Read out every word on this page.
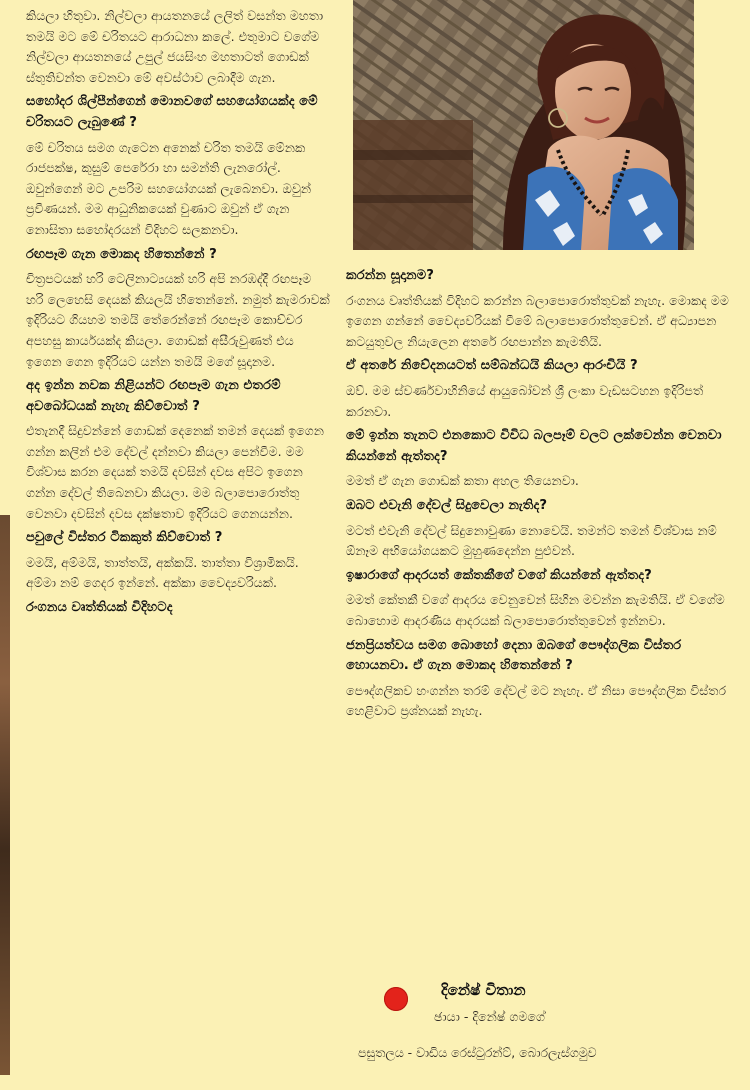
කියලා හිතුවා. නිල්වලා ආයතනයේ ලලිත් වසන්ත මහතා තමයි මට මේ චරිතයට ආරාධනා කලේ. එතුමාට වගේම නිල්වලා ආයතනයේ උපුල් ජයසිංහ මහතාටත් ගොඩක් ස්තුතිවන්ත වෙනවා මේ අවස්ථාව ලබාදීම ගැන.

සහෝදර ශිල්පීන්ගෙන් මොනවගේ සහයෝගයක්ද මේ චරිතයට ලැබුණේ ?

මේ චරිතය සමග ගැටෙන අනෙක් චරිත තමයි මේනක රාජපක්ෂ, කුසුම් පෙරේරා හා සමන්ති ලැනරෝල්. ඔවුන්ගෙන් මට උපරිම සහයෝගයක් ලැබෙනවා. ඔවුන් ප්‍රවීණයන්. මම ආධුනිකයෙක් වුණාට ඔවුන් ඒ ගැන නොසිතා සහෝදරයන් විදිහට සලකනවා.

රඟපෑම ගැන මොකද හිතෙන්නේ ?

චිත්‍රපටයක් හරි ටෙලිනාට්‍යයක් හරි අපි නරඹද්දී රඟපෑම හරි ලෙහෙසි දෙයක් කියලයි හිතෙන්නේ. නමුත් කැමරාවක් ඉදිරියට ගියහම තමයි තේරෙන්නේ රඟපෑම කොච්චර අපහසු කාර්යයක්ද කියලා. ගොඩක් අසීරුවුණත් එය ඉගෙන ගෙන ඉදිරියට යන්න තමයි මගේ සූදානම.

අද ඉන්න නවක නිළියන්ට රඟපෑම ගැන එතරම් අවබෝධයක් නැහැ කිව්වොත් ?

එතැනදී සිදුවන්නේ ගොඩක් දෙනෙක් තමන් දෙයක් ඉගෙන ගන්න කලින් එම දේවල් දන්නවා කියලා පෙන්වීම. මම විශ්වාස කරන දෙයක් තමයි දවසින් දවස අපිට ඉගෙන ගන්න දේවල් තිබෙනවා කියලා. මම බලාපොරොත්තු වෙනවා දවසින් දවස දක්ෂතාව ඉදිරියට ගෙනයන්න.

පවුලේ විස්තර ටිකකුත් කිව්වොත් ?

මමයි, අම්මයි, තාත්තයි, අක්කයි. තාත්තා විශ්‍රාමිකයි. අම්මා නම් ගෙදර ඉන්නේ. අක්කා වෛද්‍යවරියක්.

රංගනය වෘත්තියක් විදිහටද

කරන්න සූදානම?

රංගනය වෘත්තියක් විදිහට කරන්න බලාපොරොත්තුවක් නැහැ. මොකද මම ඉගෙන ගන්නේ වෛද්‍යවරියක් වීමේ බලාපොරොත්තුවෙන්. ඒ අධ්‍යාපන කටයුතුවල නියැලෙන අතරේ රඟපාන්න කැමතියි.

ඒ අතරේ නිවේදනයටත් සම්බන්ධයි කියලා ආරංචියි ?

ඔව්. මම ස්වර්ණවාහිනියේ ආයුබෝවන් ශ්‍රී ලංකා වැඩසටහන ඉදිරිපත් කරනවා.

මේ ඉන්න තැනට එනකොට විවිධ බලපෑම් වලට ලක්වෙන්න වෙනවා කියන්නේ ඇත්තද?

මමත් ඒ ගැන ගොඩක් කතා අහල තියෙනවා.

ඔබට එවැනි දේවල් සිදුවෙලා නැතිද?

මටත් එවැනි දේවල් සිදුනොවුණා නොවෙයි. තමන්ට තමන් විශ්වාස නම් ඕනෑම අභියෝගයකට මුහුණදෙන්න පුළුවන්.

ඉෂාරාගේ ආදරයත් කේතකීගේ වගේ කියන්නේ ඇත්තද?

මමත් කේතකී වගේ ආදරය වෙනුවෙන් සිහින මවන්න කැමතියි. ඒ වගේම බොහොම ආදරණීය ආදරයක් බලාපොරොත්තුවෙන් ඉන්නවා.

ජනප්‍රියත්වය සමග බොහෝ දෙනා ඔබගේ පෞද්ගලික විස්තර හොයනවා. ඒ ගැන මොකද හිතෙන්නේ ?

පෞද්ගලිකව හංගන්න තරම් දේවල් මට නැහැ. ඒ නිසා පෞද්ගලික විස්තර හෙළිවාට ප්‍රශ්නයක් නැහැ.

දිනේෂ් විතාන
ඡායා - දිනේෂ් ගමගේ
පසුතලය - වාඩිය රෙස්ටුරන්ට්, බොරලැස්ගමුව
